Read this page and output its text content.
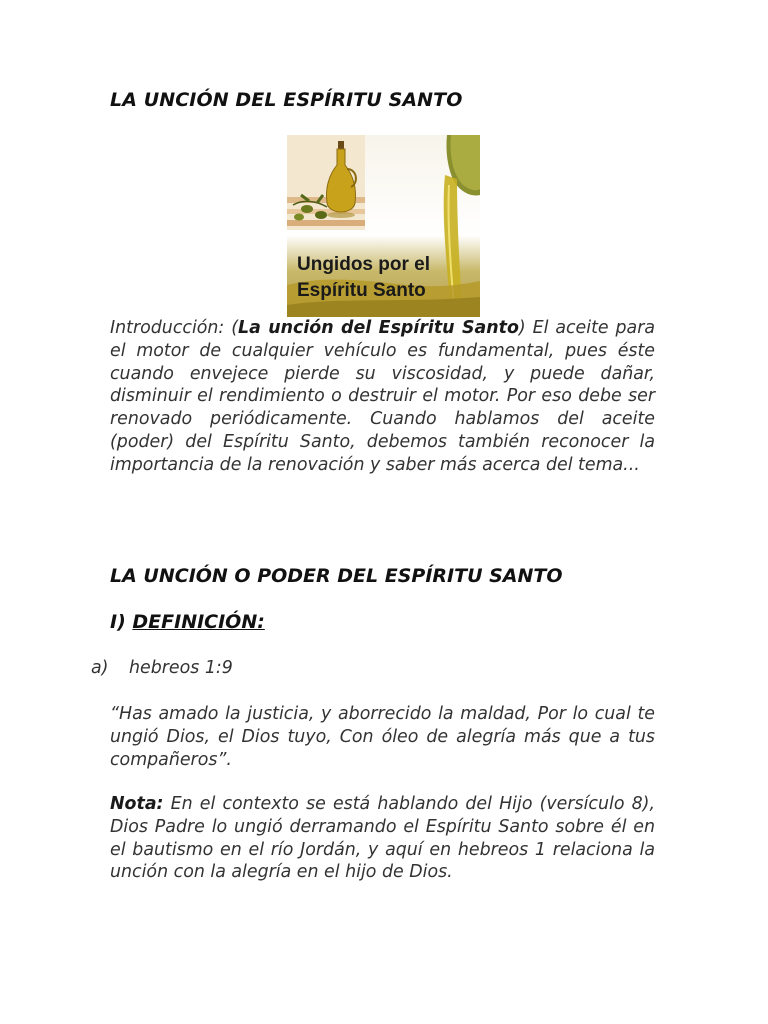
LA UNCIÓN DEL ESPÍRITU SANTO

Ungidos por el
Espíritu Santo

Introducción: (La unción del Espíritu Santo) El aceite para el motor de cualquier vehículo es fundamental, pues éste cuando envejece pierde su viscosidad, y puede dañar, disminuir el rendimiento o destruir el motor. Por eso debe ser renovado periódicamente. Cuando hablamos del aceite (poder) del Espíritu Santo, debemos también reconocer la importancia de la renovación y saber más acerca del tema...

LA UNCIÓN O PODER DEL ESPÍRITU SANTO
I) DEFINICIÓN:

a) hebreos 1:9

“Has amado la justicia, y aborrecido la maldad, Por lo cual te ungió Dios, el Dios tuyo, Con óleo de alegría más que a tus compañeros”.

Nota: En el contexto se está hablando del Hijo (versículo 8), Dios Padre lo ungió derramando el Espíritu Santo sobre él en el bautismo en el río Jordán, y aquí en hebreos 1 relaciona la unción con la alegría en el hijo de Dios.
